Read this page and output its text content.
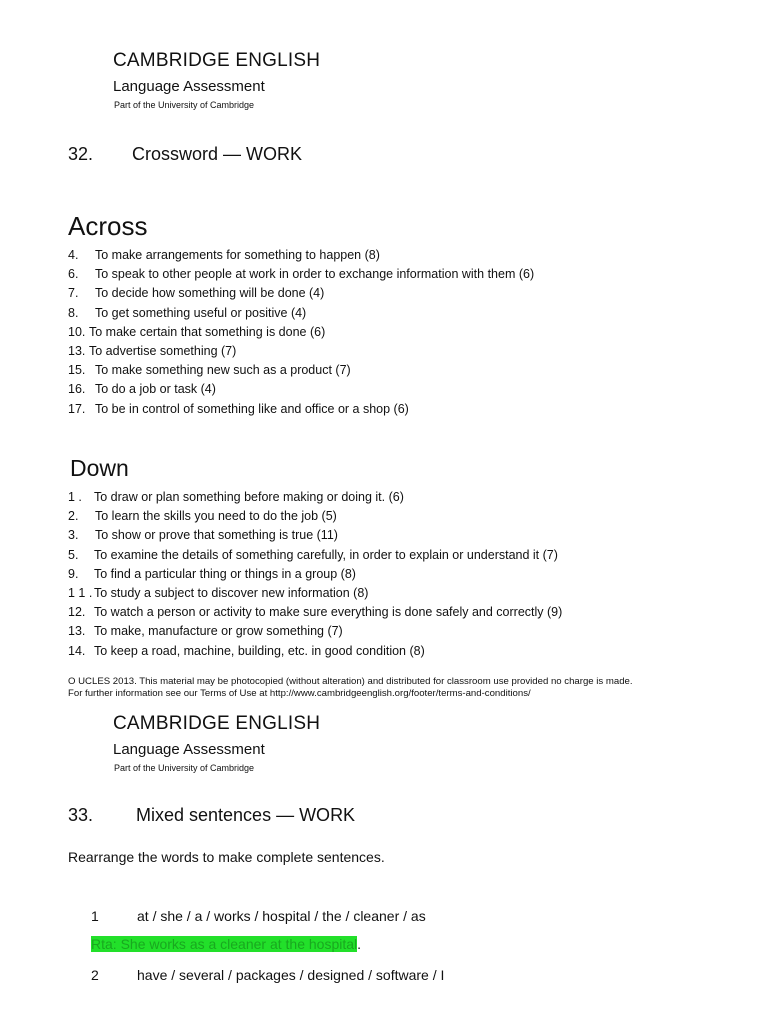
CAMBRIDGE ENGLISH
Language Assessment
Part of the University of Cambridge
32. Crossword — WORK
Across
4. To make arrangements for something to happen (8)
6. To speak to other people at work in order to exchange information with them (6)
7. To decide how something will be done (4)
8. To get something useful or positive (4)
10. To make certain that something is done (6)
13. To advertise something (7)
15. To make something new such as a product (7)
16. To do a job or task (4)
17. To be in control of something like and office or a shop (6)
Down
1 . To draw or plan something before making or doing it. (6)
2. To learn the skills you need to do the job (5)
3. To show or prove that something is true (11)
5. To examine the details of something carefully, in order to explain or understand it (7)
9. To find a particular thing or things in a group (8)
1 1 . To study a subject to discover new information (8)
12. To watch a person or activity to make sure everything is done safely and correctly (9)
13. To make, manufacture or grow something (7)
14. To keep a road, machine, building, etc. in good condition (8)
O UCLES 2013. This material may be photocopied (without alteration) and distributed for classroom use provided no charge is made.
For further information see our Terms of Use at http://www.cambridgeenglish.org/footer/terms-and-conditions/
CAMBRIDGE ENGLISH
Language Assessment
Part of the University of Cambridge
33. Mixed sentences — WORK
Rearrange the words to make complete sentences.
1	at / she / a / works / hospital / the / cleaner / as
Rta: She works as a cleaner at the hospital.
2	have / several / packages / designed / software / I
